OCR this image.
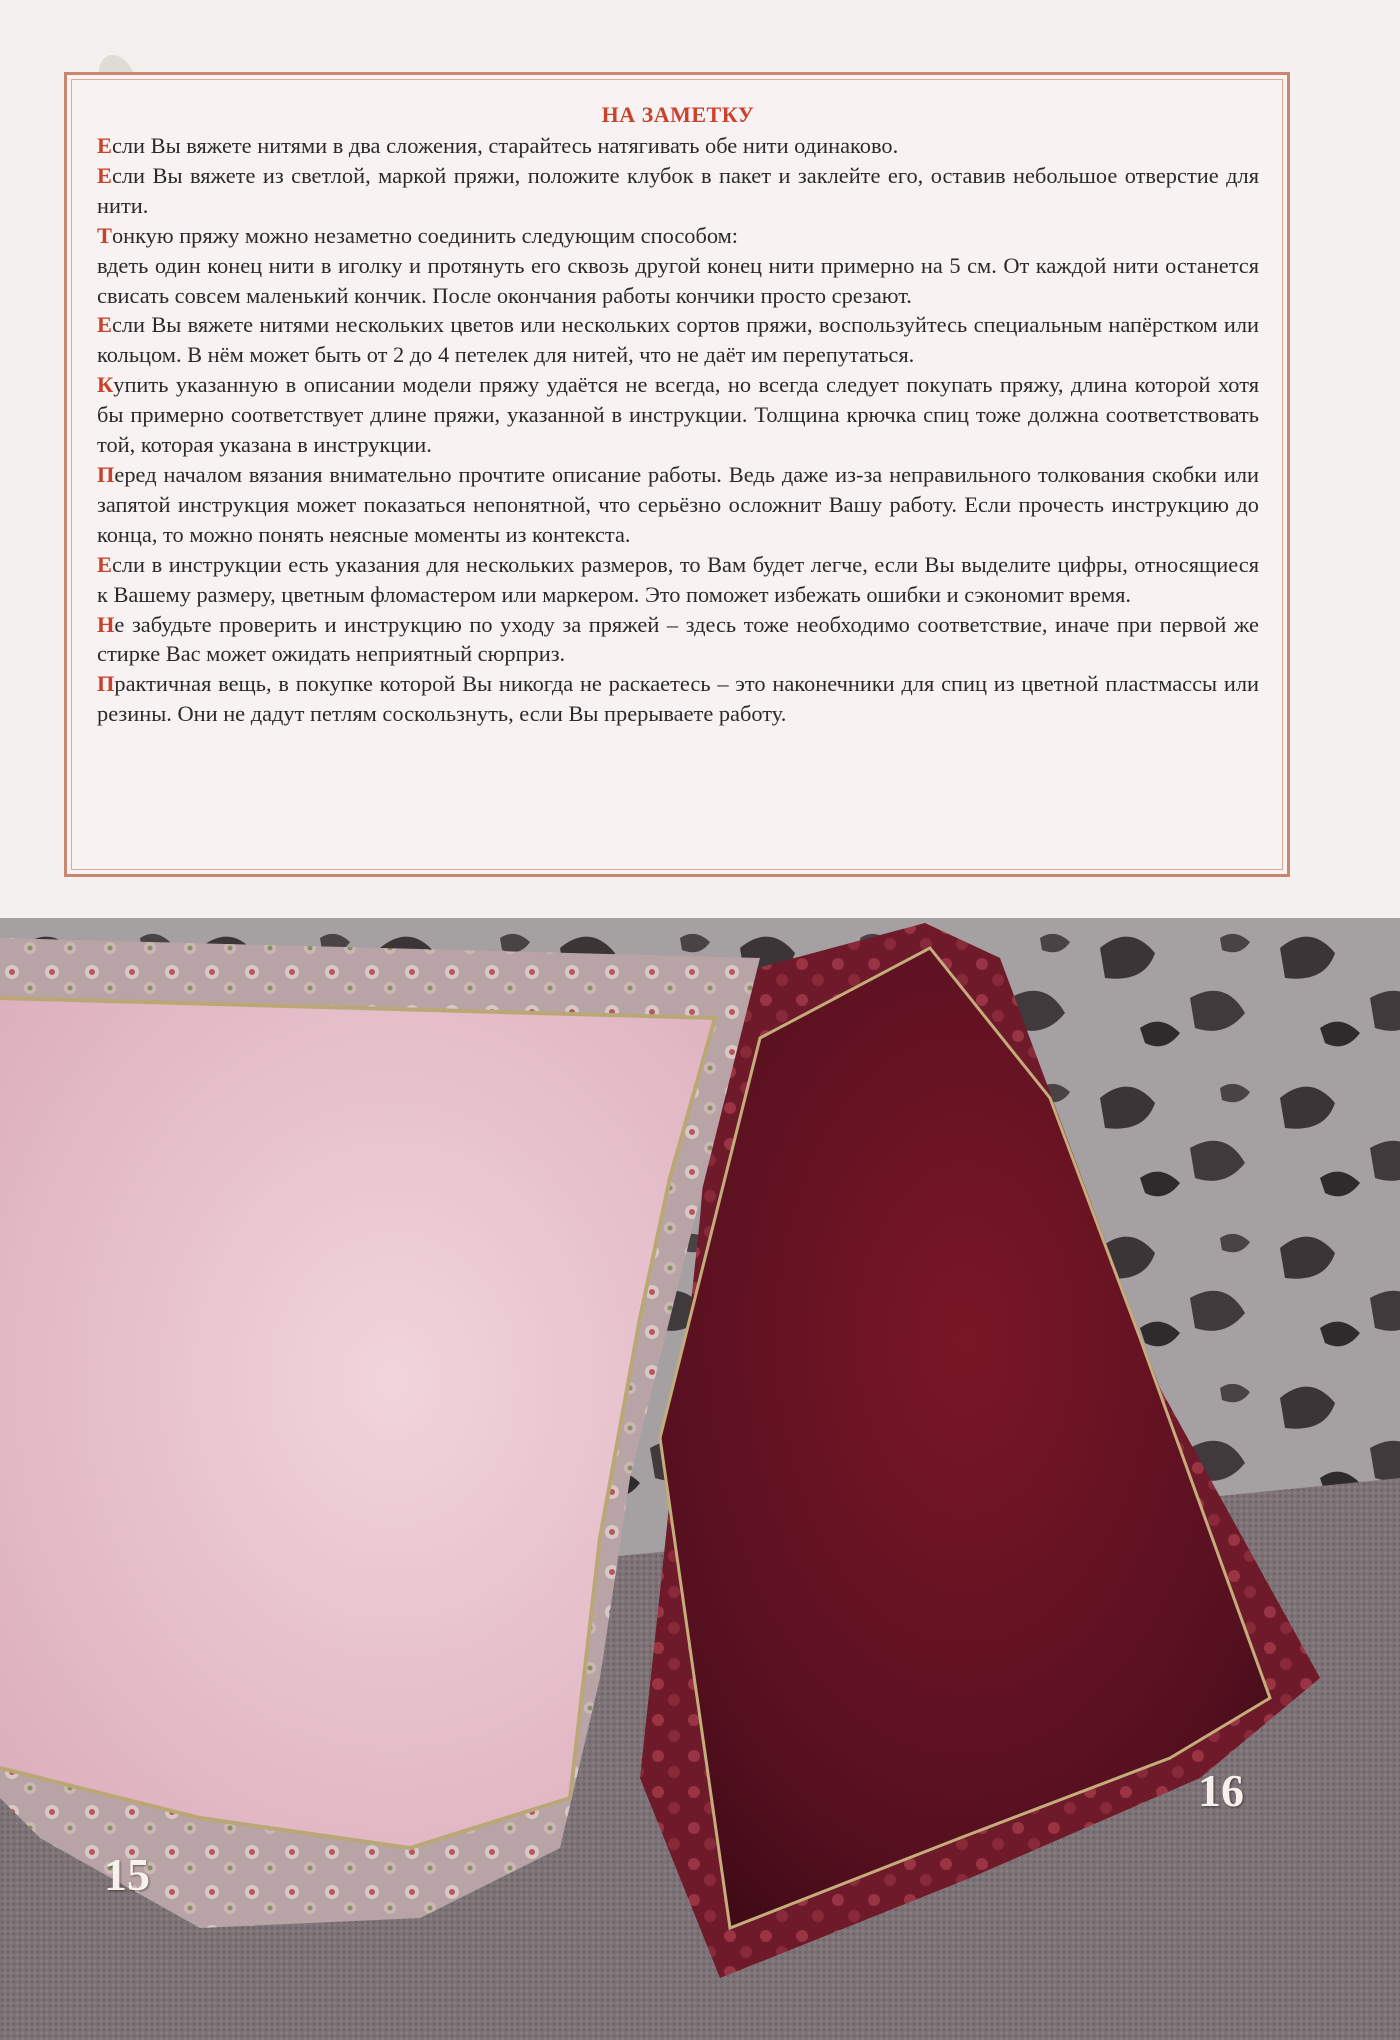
НА ЗАМЕТКУ

Если Вы вяжете нитями в два сложения, старайтесь натягивать обе нити одинаково.

Если Вы вяжете из светлой, маркой пряжи, положите клубок в пакет и заклейте его, оставив небольшое отверстие для нити.

Тонкую пряжу можно незаметно соединить следующим способом:

вдеть один конец нити в иголку и протянуть его сквозь другой конец нити примерно на 5 см. От каждой нити останется свисать совсем маленький кончик. После окончания работы кончики просто срезают.

Если Вы вяжете нитями нескольких цветов или нескольких сортов пряжи, воспользуйтесь специальным напёрстком или кольцом. В нём может быть от 2 до 4 петелек для нитей, что не даёт им перепутаться.

Купить указанную в описании модели пряжу удаётся не всегда, но всегда следует покупать пряжу, длина которой хотя бы примерно соответствует длине пряжи, указанной в инструкции. Толщина крючка спиц тоже должна соответствовать той, которая указана в инструкции.

Перед началом вязания внимательно прочтите описание работы. Ведь даже из-за неправильного толкования скобки или запятой инструкция может показаться непонятной, что серьёзно осложнит Вашу работу. Если прочесть инструкцию до конца, то можно понять неясные моменты из контекста.

Если в инструкции есть указания для нескольких размеров, то Вам будет легче, если Вы выделите цифры, относящиеся к Вашему размеру, цветным фломастером или маркером. Это поможет избежать ошибки и сэкономит время.

Не забудьте проверить и инструкцию по уходу за пряжей – здесь тоже необходимо соответствие, иначе при первой же стирке Вас может ожидать неприятный сюрприз.

Практичная вещь, в покупке которой Вы никогда не раскаетесь – это наконечники для спиц из цветной пластмассы или резины. Они не дадут петлям соскользнуть, если Вы прерываете работу.

15
16
